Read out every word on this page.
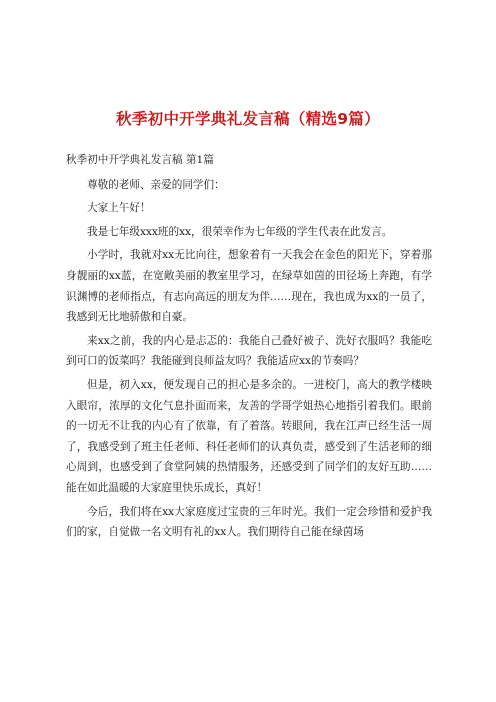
秋季初中开学典礼发言稿（精选9篇）

秋季初中开学典礼发言稿 第1篇

尊敬的老师、亲爱的同学们：

大家上午好！

我是七年级xxx班的xx，很荣幸作为七年级的学生代表在此发言。

小学时，我就对xx无比向往，想象着有一天我会在金色的阳光下，穿着那身靓丽的xx蓝，在宽敞美丽的教室里学习，在绿草如茵的田径场上奔跑，有学识渊博的老师指点，有志向高远的朋友为伴……现在，我也成为xx的一员了，我感到无比地骄傲和自豪。

来xx之前，我的内心是忐忑的：我能自己叠好被子、洗好衣服吗？我能吃到可口的饭菜吗？我能碰到良师益友吗？我能适应xx的节奏吗？

但是，初入xx，便发现自己的担心是多余的。一进校门，高大的教学楼映入眼帘，浓厚的文化气息扑面而来，友善的学哥学姐热心地指引着我们。眼前的一切无不让我的内心有了依靠，有了着落。转眼间，我在江声已经生活一周了，我感受到了班主任老师、科任老师们的认真负责，感受到了生活老师的细心周到，也感受到了食堂阿姨的热情服务，还感受到了同学们的友好互助……能在如此温暖的大家庭里快乐成长，真好！

今后，我们将在xx大家庭度过宝贵的三年时光。我们一定会珍惜和爱护我们的家，自觉做一名文明有礼的xx人。我们期待自己能在绿茵场
